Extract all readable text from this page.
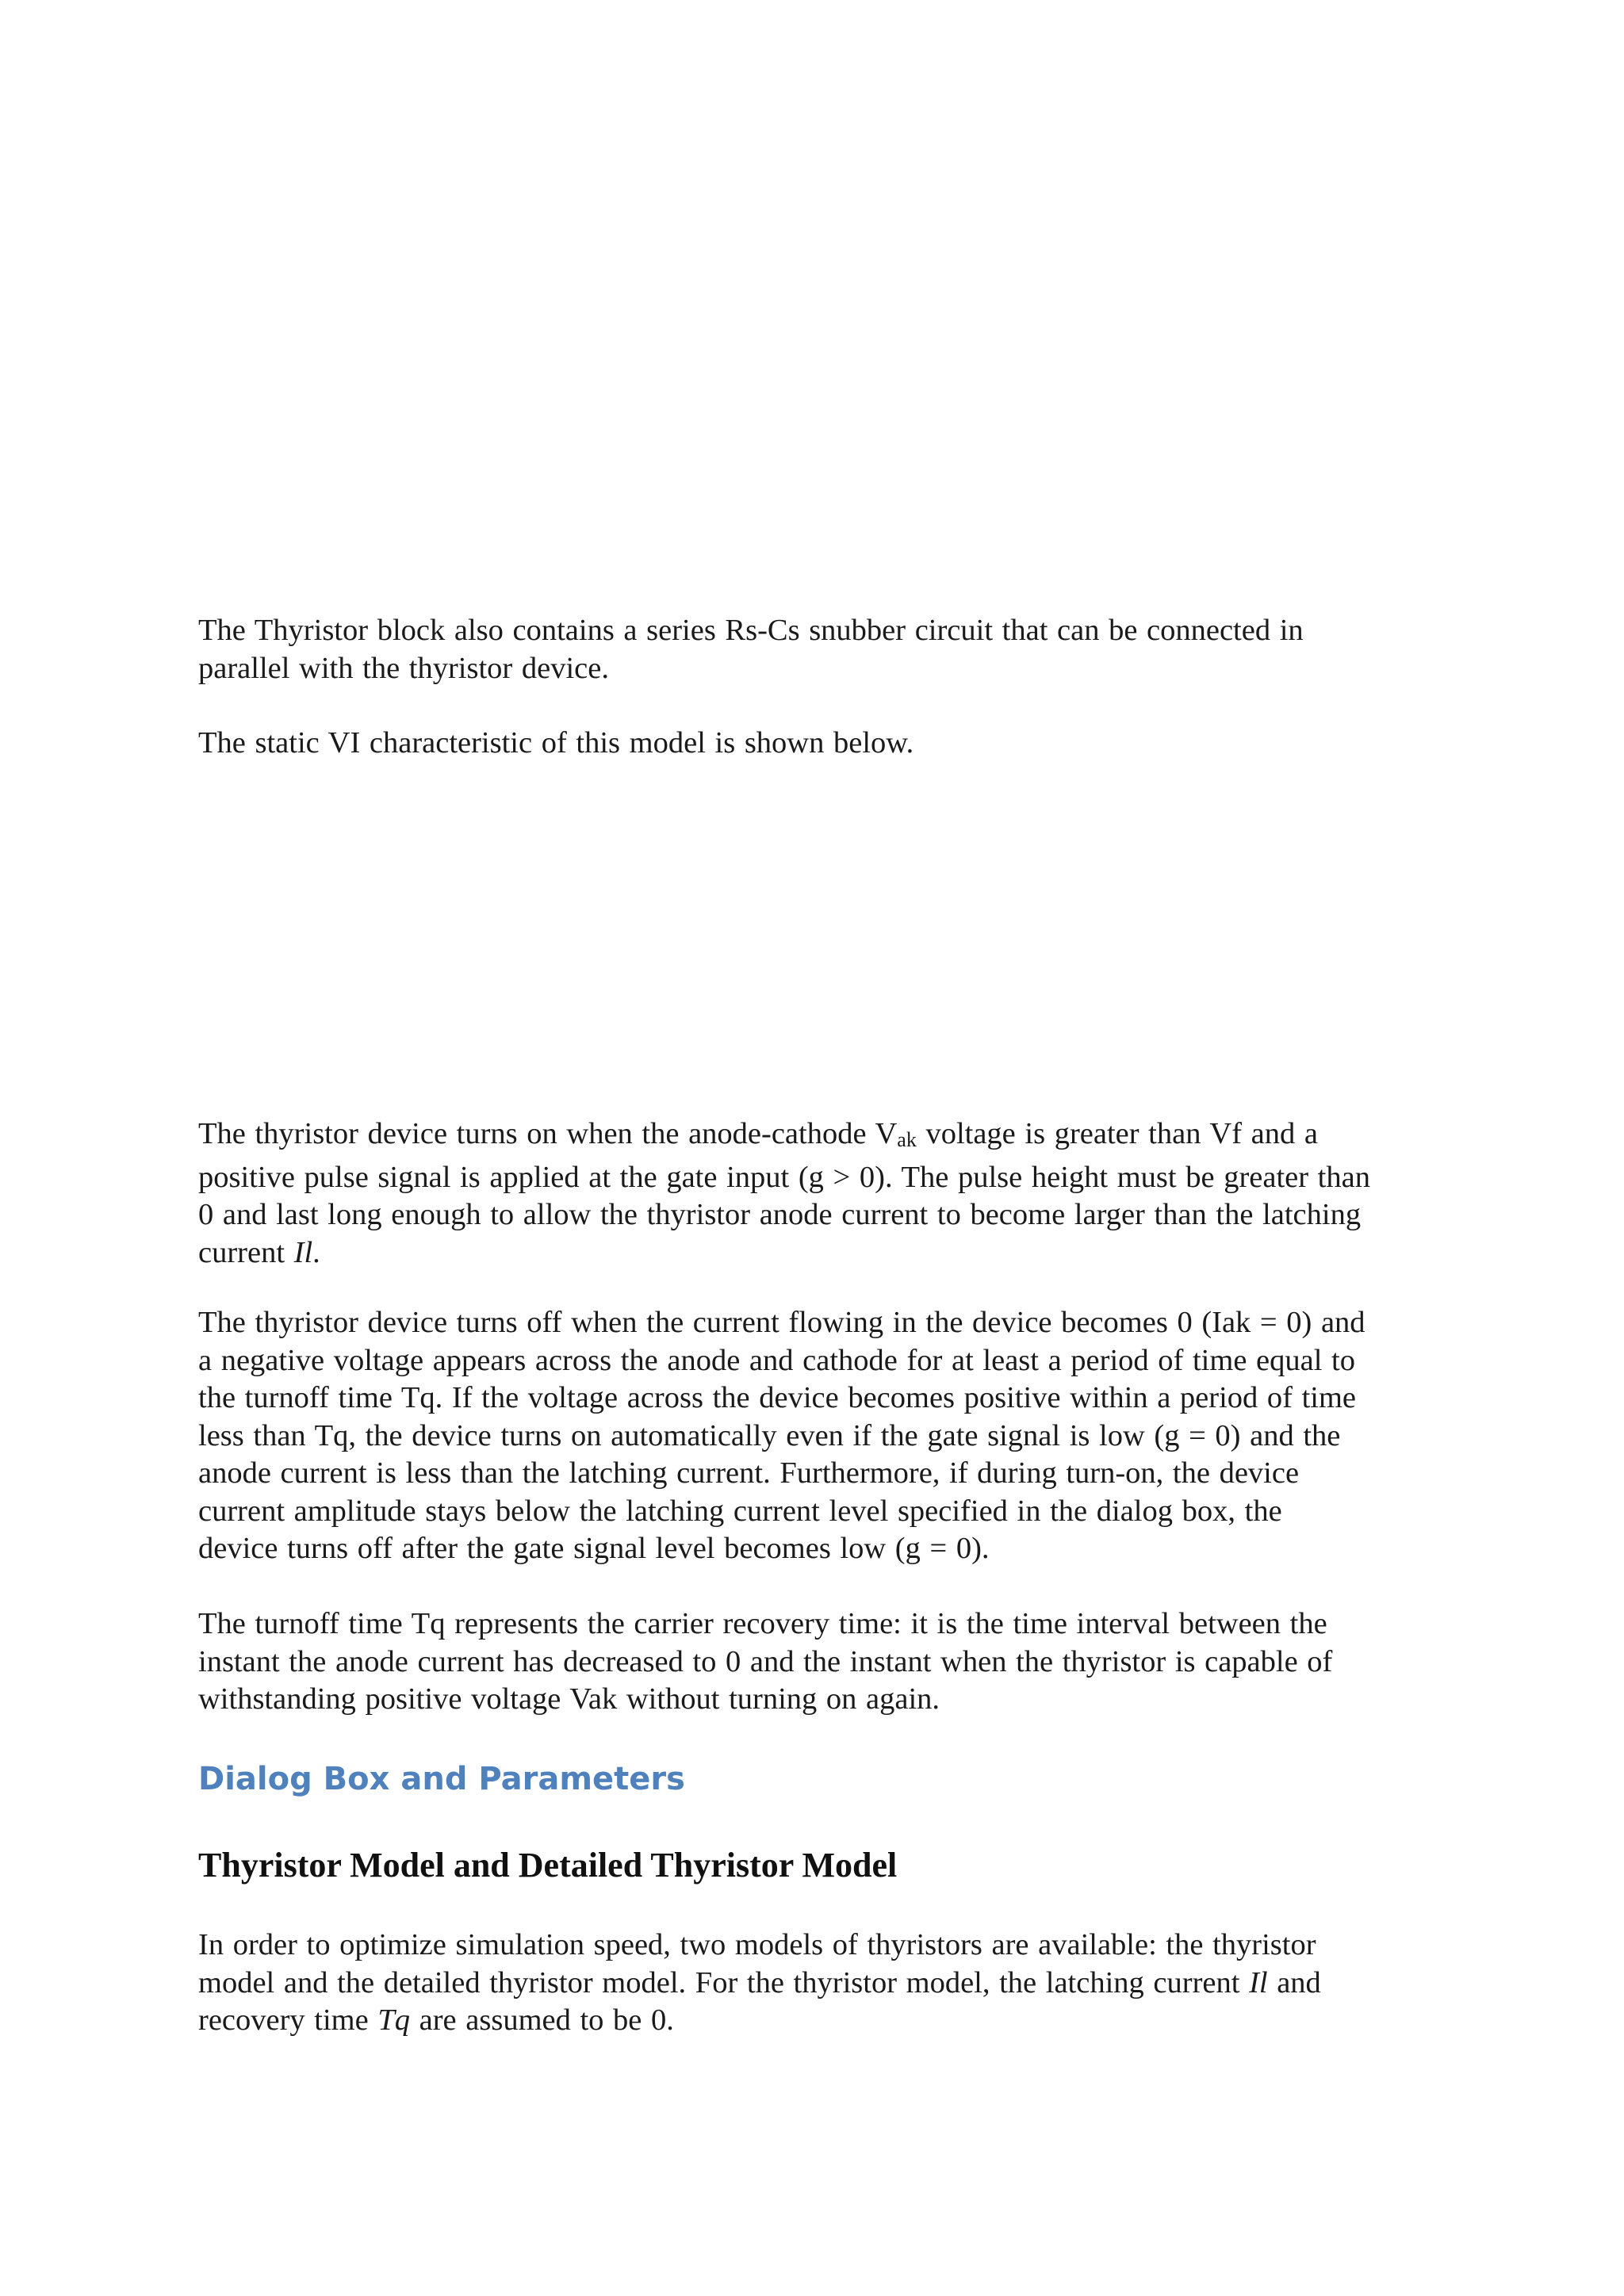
The Thyristor block also contains a series Rs-Cs snubber circuit that can be connected in
parallel with the thyristor device.

The static VI characteristic of this model is shown below.

The thyristor device turns on when the anode-cathode Vak voltage is greater than Vf and a
positive pulse signal is applied at the gate input (g > 0). The pulse height must be greater than
0 and last long enough to allow the thyristor anode current to become larger than the latching
current Il.

The thyristor device turns off when the current flowing in the device becomes 0 (Iak = 0) and
a negative voltage appears across the anode and cathode for at least a period of time equal to
the turnoff time Tq. If the voltage across the device becomes positive within a period of time
less than Tq, the device turns on automatically even if the gate signal is low (g = 0) and the
anode current is less than the latching current. Furthermore, if during turn-on, the device
current amplitude stays below the latching current level specified in the dialog box, the
device turns off after the gate signal level becomes low (g = 0).

The turnoff time Tq represents the carrier recovery time: it is the time interval between the
instant the anode current has decreased to 0 and the instant when the thyristor is capable of
withstanding positive voltage Vak without turning on again.

Dialog Box and Parameters
Thyristor Model and Detailed Thyristor Model

In order to optimize simulation speed, two models of thyristors are available: the thyristor
model and the detailed thyristor model. For the thyristor model, the latching current Il and
recovery time Tq are assumed to be 0.
